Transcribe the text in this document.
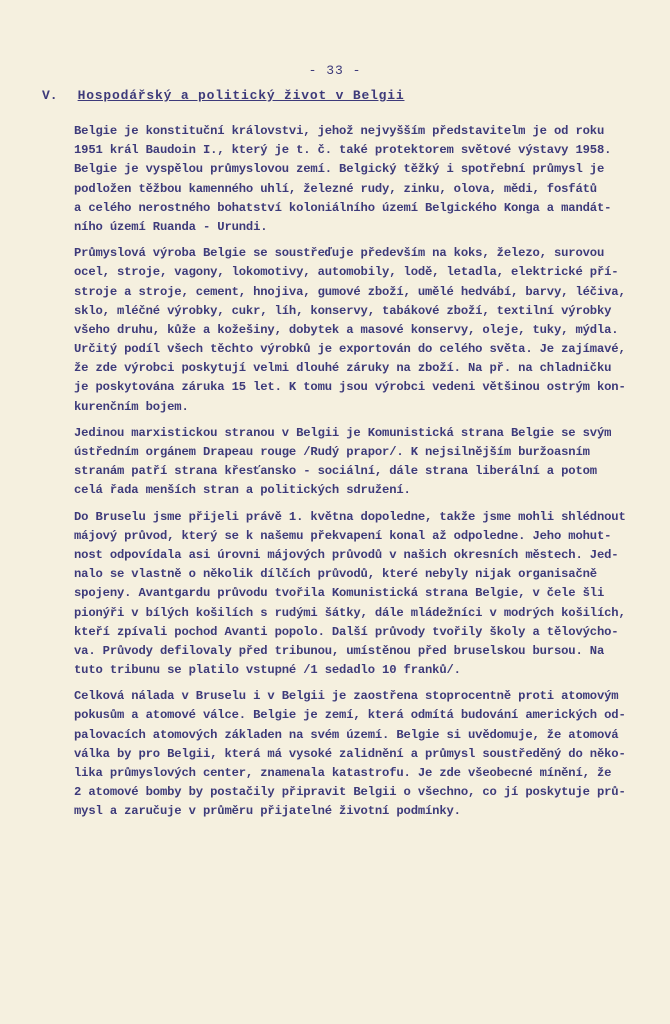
- 33 -
V. Hospodářský a politický život v Belgii
Belgie je konstituční královstvi, jehož nejvyšším představitelm je od roku
1951 král Baudoin I., který je t. č. také protektorem světové výstavy 1958.
Belgie je vyspělou průmyslovou zemí. Belgický těžký i spotřební průmysl je
podložen těžbou kamenného uhlí, železné rudy, zinku, olova, mědi, fosfátů
a celého nerostného bohatství koloniálního území Belgického Konga a mandát-
ního území Ruanda - Urundi.
Průmyslová výroba Belgie se soustřeďuje především na koks, železo, surovou
ocel, stroje, vagony, lokomotivy, automobily, lodě, letadla, elektrické pří-
stroje a stroje, cement, hnojiva, gumové zboží, umělé hedvábí, barvy, léčiva,
sklo, mléčné výrobky, cukr, líh, konservy, tabákové zboží, textilní výrobky
všeho druhu, kůže a kožešiny, dobytek a masové konservy, oleje, tuky, mýdla.
Určitý podíl všech těchto výrobků je exportován do celého světa. Je zajímavé,
že zde výrobci poskytují velmi dlouhé záruky na zboží. Na př. na chladničku
je poskytována záruka 15 let. K tomu jsou výrobci vedeni většinou ostrým kon-
kurenčním bojem.
Jedinou marxistickou stranou v Belgii je Komunistická strana Belgie se svým
ústředním orgánem Drapeau rouge /Rudý prapor/. K nejsilnějším buržoasním
stranám patří strana křesťansko - sociální, dále strana liberální a potom
celá řada menších stran a politických sdružení.
Do Bruselu jsme přijeli právě 1. května dopoledne, takže jsme mohli shlédnout
májový průvod, který se k našemu překvapení konal až odpoledne. Jeho mohut-
nost odpovídala asi úrovni májových průvodů v našich okresních městech. Jed-
nalo se vlastně o několik dílčích průvodů, které nebyly nijak organisačně
spojeny. Avantgardu průvodu tvořila Komunistická strana Belgie, v čele šli
pionýři v bílých košilích s rudými šátky, dále mládežníci v modrých košilích,
kteří zpívali pochod Avanti popolo. Další průvody tvořily školy a tělovýcho-
va. Průvody defilovaly před tribunou, umístěnou před bruselskou bursou. Na
tuto tribunu se platilo vstupné /1 sedadlo 10 franků/.
Celková nálada v Bruselu i v Belgii je zaostřena stoprocentně proti atomovým
pokusům a atomové válce. Belgie je zemí, která odmítá budování amerických od-
palovacích atomových základen na svém území. Belgie si uvědomuje, že atomová
válka by pro Belgii, která má vysoké zalidnění a průmysl soustředěný do něko-
lika průmyslových center, znamenala katastrofu. Je zde všeobecné mínění, že
2 atomové bomby by postačily připravit Belgii o všechno, co jí poskytuje prů-
mysl a zaručuje v průměru přijatelné životní podmínky.
